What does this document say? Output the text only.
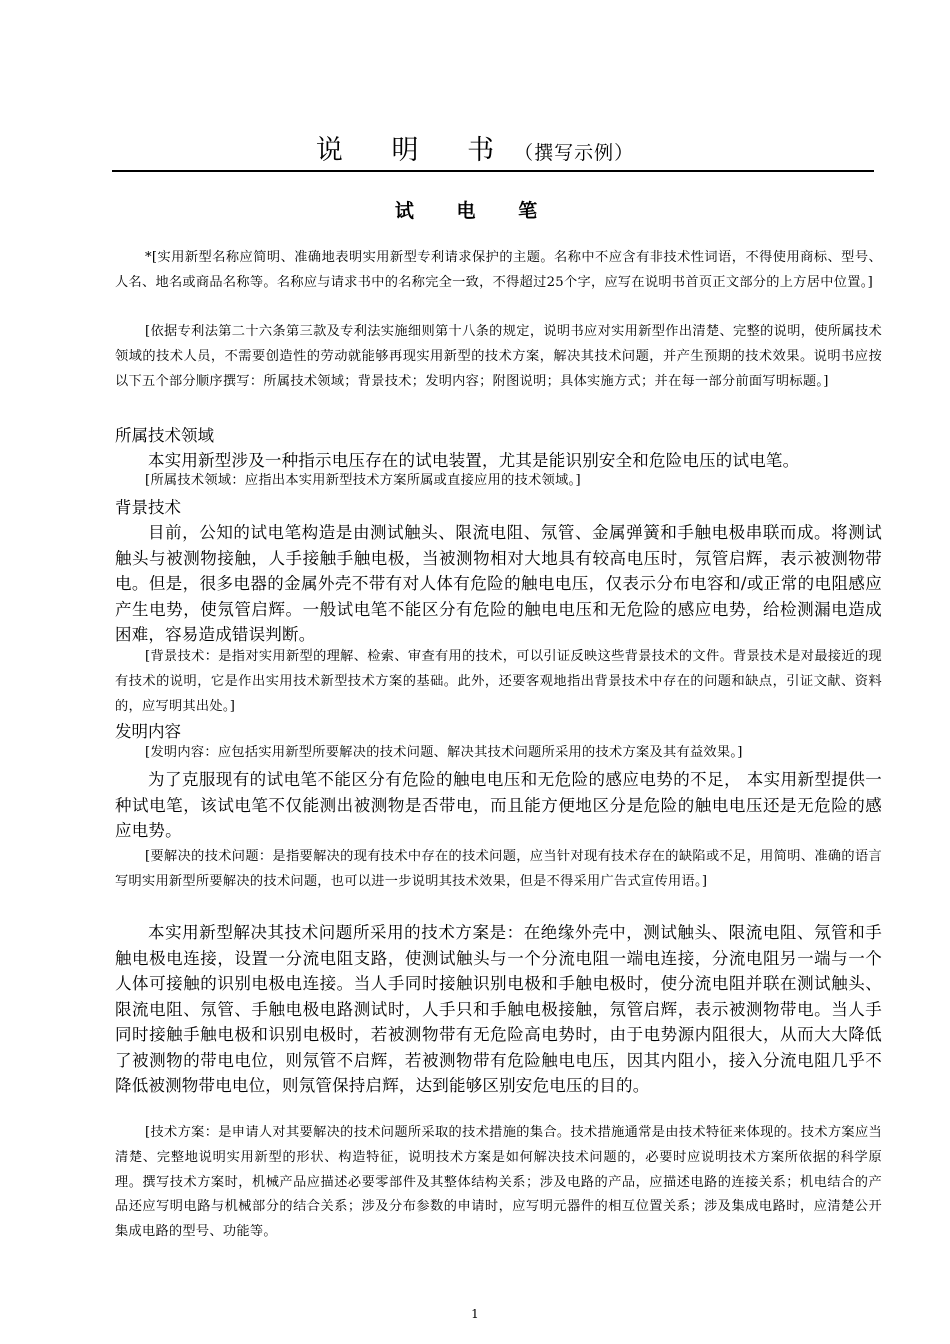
说 明 书（撰写示例）
试 电 笔

*[实用新型名称应简明、准确地表明实用新型专利请求保护的主题。名称中不应含有非技术性词语，不得使用商标、型号、人名、地名或商品名称等。名称应与请求书中的名称完全一致，不得超过25个字，应写在说明书首页正文部分的上方居中位置。]

[依据专利法第二十六条第三款及专利法实施细则第十八条的规定，说明书应对实用新型作出清楚、完整的说明，使所属技术领域的技术人员，不需要创造性的劳动就能够再现实用新型的技术方案，解决其技术问题，并产生预期的技术效果。说明书应按以下五个部分顺序撰写：所属技术领域；背景技术；发明内容；附图说明；具体实施方式；并在每一部分前面写明标题。]

所属技术领域

本实用新型涉及一种指示电压存在的试电装置，尤其是能识别安全和危险电压的试电笔。

[所属技术领域：应指出本实用新型技术方案所属或直接应用的技术领域。]

背景技术

目前，公知的试电笔构造是由测试触头、限流电阻、氖管、金属弹簧和手触电极串联而成。将测试触头与被测物接触，人手接触手触电极，当被测物相对大地具有较高电压时，氖管启辉，表示被测物带电。但是，很多电器的金属外壳不带有对人体有危险的触电电压，仅表示分布电容和/或正常的电阻感应产生电势，使氖管启辉。一般试电笔不能区分有危险的触电电压和无危险的感应电势，给检测漏电造成困难，容易造成错误判断。

[背景技术：是指对实用新型的理解、检索、审查有用的技术，可以引证反映这些背景技术的文件。背景技术是对最接近的现有技术的说明，它是作出实用技术新型技术方案的基础。此外，还要客观地指出背景技术中存在的问题和缺点，引证文献、资料的，应写明其出处。]

发明内容

[发明内容：应包括实用新型所要解决的技术问题、解决其技术问题所采用的技术方案及其有益效果。]

为了克服现有的试电笔不能区分有危险的触电电压和无危险的感应电势的不足， 本实用新型提供一种试电笔，该试电笔不仅能测出被测物是否带电，而且能方便地区分是危险的触电电压还是无危险的感应电势。

[要解决的技术问题：是指要解决的现有技术中存在的技术问题，应当针对现有技术存在的缺陷或不足，用简明、准确的语言写明实用新型所要解决的技术问题，也可以进一步说明其技术效果，但是不得采用广告式宣传用语。]

本实用新型解决其技术问题所采用的技术方案是：在绝缘外壳中，测试触头、限流电阻、氖管和手触电极电连接，设置一分流电阻支路，使测试触头与一个分流电阻一端电连接，分流电阻另一端与一个人体可接触的识别电极电连接。当人手同时接触识别电极和手触电极时，使分流电阻并联在测试触头、限流电阻、氖管、手触电极电路测试时，人手只和手触电极接触，氖管启辉，表示被测物带电。当人手同时接触手触电极和识别电极时，若被测物带有无危险高电势时，由于电势源内阻很大，从而大大降低了被测物的带电电位，则氖管不启辉，若被测物带有危险触电电压，因其内阻小，接入分流电阻几乎不降低被测物带电电位，则氖管保持启辉，达到能够区别安危电压的目的。

[技术方案：是申请人对其要解决的技术问题所采取的技术措施的集合。技术措施通常是由技术特征来体现的。技术方案应当清楚、完整地说明实用新型的形状、构造特征，说明技术方案是如何解决技术问题的，必要时应说明技术方案所依据的科学原理。撰写技术方案时，机械产品应描述必要零部件及其整体结构关系；涉及电路的产品，应描述电路的连接关系；机电结合的产品还应写明电路与机械部分的结合关系；涉及分布参数的申请时，应写明元器件的相互位置关系；涉及集成电路时，应清楚公开集成电路的型号、功能等。

1
